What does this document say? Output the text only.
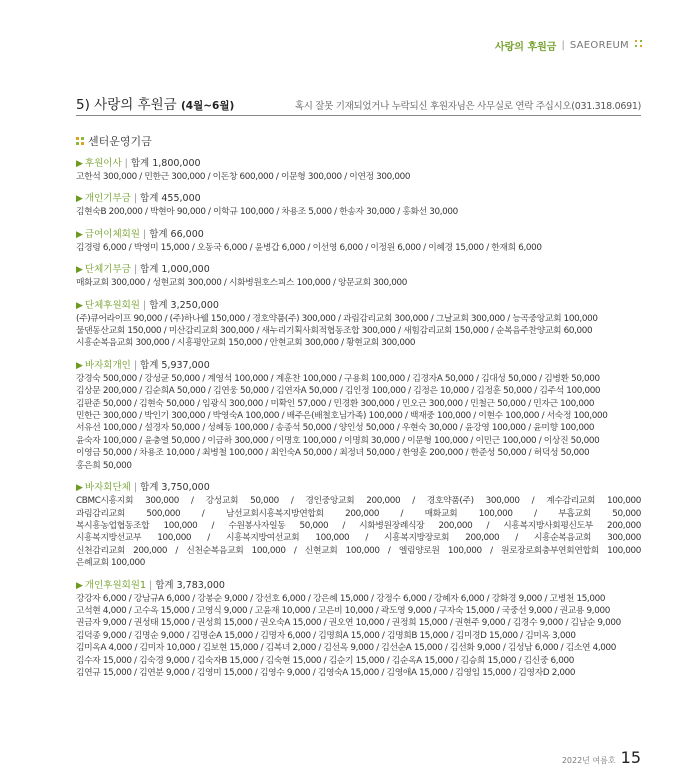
사랑의 후원금 | SAEOREUM
5) 사랑의 후원금 (4월~6월)	혹시 잘못 기재되었거나 누락되신 후원자님은 사무실로 연락 주십시오(031.318.0691)
센터운영기금
▶ 후원이사 | 합계 1,800,000
고한석 300,000 / 민한근 300,000 / 이돈창 600,000 / 이문형 300,000 / 이연정 300,000
▶ 개인기부금 | 합계 455,000
김현숙B 200,000 / 박현아 90,000 / 이학규 100,000 / 차용조 5,000 / 한송자 30,000 / 홍화선 30,000
▶ 급여이체회원 | 합계 66,000
김경령 6,000 / 박영미 15,000 / 오동국 6,000 / 윤병갑 6,000 / 이선영 6,000 / 이정원 6,000 / 이혜경 15,000 / 한재희 6,000
▶ 단체기부금 | 합계 1,000,000
매화교회 300,000 / 성현교회 300,000 / 시화병원호스피스 100,000 / 앙문교회 300,000
▶ 단체후원회원 | 합계 3,250,000
(주)큐어라이프 90,000 / (주)하나웰 150,000 / 경호약품(주) 300,000 / 과림감리교회 300,000 / 그날교회 300,000 / 능곡중앙교회 100,000
물댄동산교회 150,000 / 미산감리교회 300,000 / 새누리기획사회적협동조합 300,000 / 새힘감리교회 150,000 / 순복음주찬양교회 60,000
시흥순복음교회 300,000 / 시흥평안교회 150,000 / 안현교회 300,000 / 황현교회 300,000
▶ 바자회개인 | 합계 5,937,000
강경숙 500,000 / 강성균 50,000 / 계영석 100,000 / 계훈찬 100,000 / 구용회 100,000 / 김경자A 50,000 / 김대성 50,000 / 김병환 50,000
김상문 200,000 / 김순희A 50,000 / 김연웅 50,000 / 김연자A 50,000 / 김인정 100,000 / 김정은 10,000 / 김정훈 50,000 / 김주석 100,000
김판준 50,000 / 김현숙 50,000 / 임광식 300,000 / 미확인 57,000 / 민경환 300,000 / 민오근 300,000 / 민철근 50,000 / 민자근 100,000
민한근 300,000 / 박인기 300,000 / 박영숙A 100,000 / 배주은(배철호님가족) 100,000 / 백재중 100,000 / 이현수 100,000 / 서숙정 100,000
서유선 100,000 / 설경자 50,000 / 성혜동 100,000 / 송종석 50,000 / 양인성 50,000 / 우현숙 30,000 / 윤강영 100,000 / 윤미향 100,000
윤숙자 100,000 / 윤충열 50,000 / 이금하 300,000 / 이명호 100,000 / 이명희 30,000 / 이문형 100,000 / 이민근 100,000 / 이상진 50,000
이영금 50,000 / 차용조 10,000 / 최병철 100,000 / 최인숙A 50,000 / 최정녀 50,000 / 한영훈 200,000 / 한준성 50,000 / 허덕성 50,000
홍은희 50,000
▶ 바자회단체 | 합계 3,750,000
CBMC시흥지회 300,000 / 강성교회 50,000 / 경인중앙교회 200,000 / 경호약품(주) 300,000 / 계수감리교회 100,000
과림감리교회 500,000 / 남선교회시흥복지방연합회 200,000 / 매화교회 100,000 / 부흡교회 50,000
복시흥농업협동조합 100,000 / 수원봉사자일동 50,000 / 시화병원장례식장 200,000 / 시흥복지방사회평신도부 200,000
시흥복지방선교부 100,000 / 시흥복지방여선교회 100,000 / 시흥복지방장로회 200,000 / 시흥순복음교회 300,000
신천감리교회 200,000 / 신천순복음교회 100,000 / 신현교회 100,000 / 엘림양로원 100,000 / 원로장로회충부연회연합회 100,000
은혜교회 100,000
▶ 개인후원회원1 | 합계 3,783,000
강강자 6,000 / 강남규A 6,000 / 강봉순 9,000 / 강선호 6,000 / 강은혜 15,000 / 강정수 6,000 / 강혜자 6,000 / 강화경 9,000 / 고병천 15,000
고석현 4,000 / 고수옥 15,000 / 고영식 9,000 / 고윤재 10,000 / 고은비 10,000 / 곽도영 9,000 / 구자숙 15,000 / 국중선 9,000 / 권교용 9,000
권금자 9,000 / 권성태 15,000 / 권성희 15,000 / 권오숙A 15,000 / 권오연 10,000 / 권정희 15,000 / 권현주 9,000 / 김경수 9,000 / 김남순 9,000
김덕종 9,000 / 김명순 9,000 / 김명순A 15,000 / 김명자 6,000 / 김명희A 15,000 / 김명희B 15,000 / 김미경D 15,000 / 김미옥 3,000
김미옥A 4,000 / 김미자 10,000 / 김보현 15,000 / 김복녀 2,000 / 김선옥 9,000 / 김선순A 15,000 / 김선화 9,000 / 김성남 6,000 / 김소연 4,000
김수자 15,000 / 김숙경 9,000 / 김숙자B 15,000 / 김숙현 15,000 / 김순기 15,000 / 김순옥A 15,000 / 김승희 15,000 / 김신중 6,000
김연규 15,000 / 김연분 9,000 / 김영미 15,000 / 김영수 9,000 / 김영숙A 15,000 / 김영애A 15,000 / 김영임 15,000 / 김영자D 2,000
2022년 여름호 15
